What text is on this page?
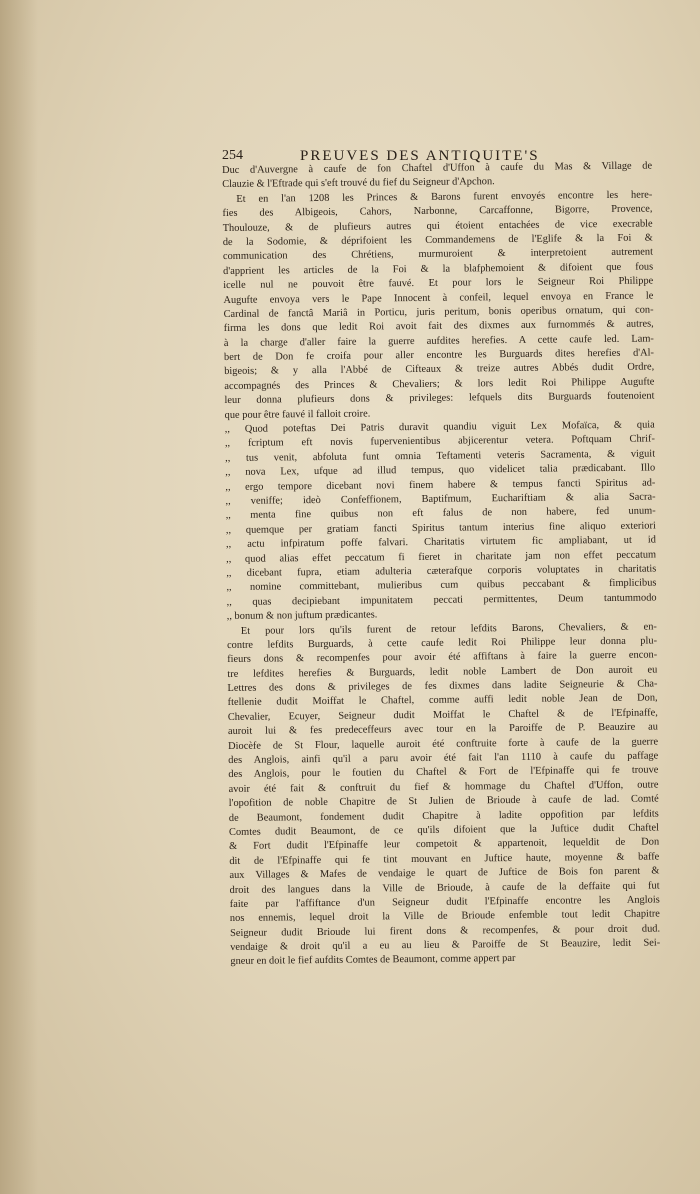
254	PREUVES DES ANTIQUITE'S
Duc d'Auvergne à caufe de fon Chaftel d'Uffon à caufe du Mas & Village de
Clauzie & l'Eftrade qui s'eft trouvé du fief du Seigneur d'Apchon.
Et en l'an 1208 les Princes & Barons furent envoyés encontre les here-
fies des Albigeois, Cahors, Narbonne, Carcaffonne, Bigorre, Provence,
Thoulouze, & de plufieurs autres qui étoient entachées de vice execrable
de la Sodomie, & déprifoient les Commandemens de l'Eglife & la Foi &
communication des Chrétiens, murmuroient & interpretoient autrement
d'apprient les articles de la Foi & la blafphemoient & difoient que fous
icelle nul ne pouvoit être fauvé. Et pour lors le Seigneur Roi Philippe
Augufte envoya vers le Pape Innocent à confeil, lequel envoya en France le
Cardinal de fanctâ Mariâ in Porticu, juris peritum, bonis operibus ornatum, qui con-
firma les dons que ledit Roi avoit fait des dixmes aux furnommés & autres,
à la charge d'aller faire la guerre aufdites herefies. A cette caufe led. Lam-
bert de Don fe croifa pour aller encontre les Burguards dites herefies d'Al-
bigeois; & y alla l'Abbé de Cifteaux & treize autres Abbés dudit Ordre,
accompagnés des Princes & Chevaliers; & lors ledit Roi Philippe Augufte
leur donna plufieurs dons & privileges: lefquels dits Burguards foutenoient
que pour être fauvé il falloit croire.
,, Quod poteftas Dei Patris duravit quandiu viguit Lex Mofaïca, & quia
,, fcriptum eft novis fupervenientibus abjicerentur vetera. Poftquam Chrif-
,, tus venit, abfoluta funt omnia Teftamenti veteris Sacramenta, & viguit
,, nova Lex, ufque ad illud tempus, quo videlicet talia prædicabant. Illo
,, ergo tempore dicebant novi finem habere & tempus fancti Spiritus ad-
,, veniffe; ideò Confeffionem, Baptifmum, Euchariftiam & alia Sacra-
,, menta fine quibus non eft falus de non habere, fed unum-
,, quemque per gratiam fancti Spiritus tantum interius fine aliquo exteriori
,, actu infpiratum poffe falvari. Charitatis virtutem fic ampliabant, ut id
,, quod alias effet peccatum fi fieret in charitate jam non effet peccatum
,, dicebant fupra, etiam adulteria cæterafque corporis voluptates in charitatis
,, nomine committebant, mulieribus cum quibus peccabant & fimplicibus
,, quas decipiebant impunitatem peccati permittentes, Deum tantummodo
,, bonum & non juftum prædicantes.
Et pour lors qu'ils furent de retour lefdits Barons, Chevaliers, & en-
contre lefdits Burguards, à cette caufe ledit Roi Philippe leur donna plu-
fieurs dons & recompenfes pour avoir été affiftans à faire la guerre encon-
tre lefdites herefies & Burguards, ledit noble Lambert de Don auroit eu
Lettres des dons & privileges de fes dixmes dans ladite Seigneurie & Cha-
ftellenie dudit Moiffat le Chaftel, comme auffi ledit noble Jean de Don,
Chevalier, Ecuyer, Seigneur dudit Moiffat le Chaftel & de l'Efpinaffe,
auroit lui & fes predeceffeurs avec tour en la Paroiffe de P. Beauzire au
Diocèfe de St Flour, laquelle auroit été conftruite forte à caufe de la guerre
des Anglois, ainfi qu'il a paru avoir été fait l'an 1110 à caufe du paffage
des Anglois, pour le foutien du Chaftel & Fort de l'Efpinaffe qui fe trouve
avoir été fait & conftruit du fief & hommage du Chaftel d'Uffon, outre
l'opofition de noble Chapitre de St Julien de Brioude à caufe de lad. Comté
de Beaumont, fondement dudit Chapitre à ladite oppofition par lefdits
Comtes dudit Beaumont, de ce qu'ils difoient que la Juftice dudit Chaftel
& Fort dudit l'Efpinaffe leur competoit & appartenoit, lequeldit de Don
dit de l'Efpinaffe qui fe tint mouvant en Juftice haute, moyenne & baffe
aux Villages & Mafes de vendaige le quart de Juftice de Bois fon parent &
droit des langues dans la Ville de Brioude, à caufe de la deffaite qui fut
faite par l'affiftance d'un Seigneur dudit l'Efpinaffe encontre les Anglois
nos ennemis, lequel droit la Ville de Brioude enfemble tout ledit Chapitre
Seigneur dudit Brioude lui firent dons & recompenfes, & pour droit dud.
vendaige & droit qu'il a eu au lieu & Paroiffe de St Beauzire, ledit Sei-
gneur en doit le fief aufdits Comtes de Beaumont, comme appert par
